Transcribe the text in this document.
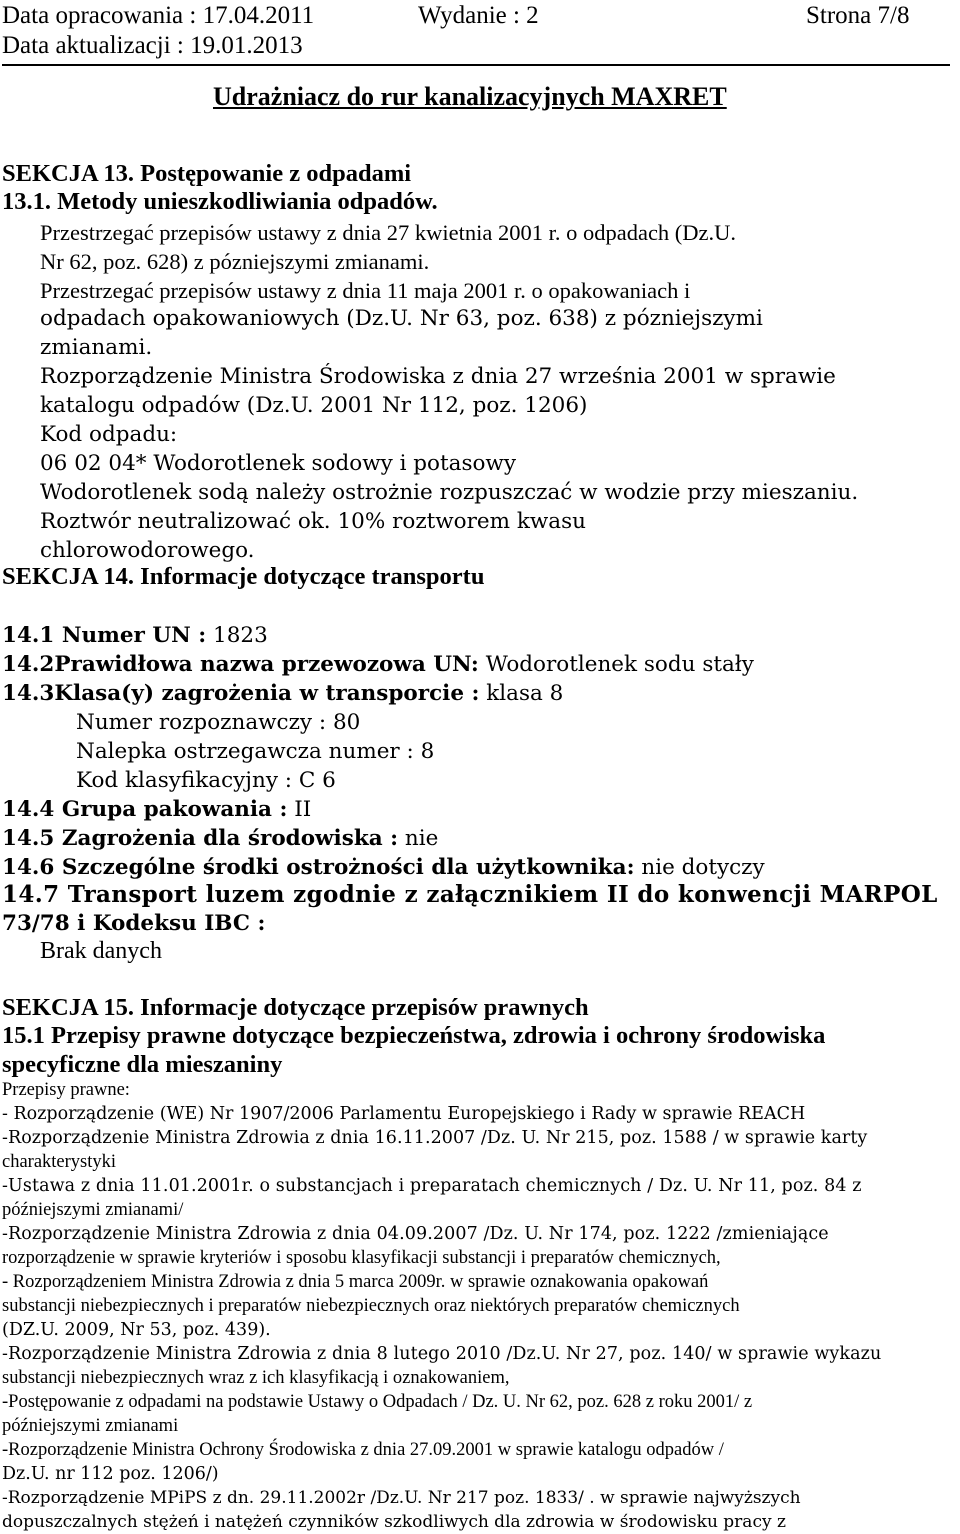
Data opracowania : 17.04.2011	Wydanie : 2	Strona 7/8
Data aktualizacji : 19.01.2013
Udrażniacz do rur kanalizacyjnych MAXRET
SEKCJA 13. Postępowanie z odpadami
13.1. Metody unieszkodliwiania odpadów.
Przestrzegać przepisów ustawy z dnia 27 kwietnia 2001 r. o odpadach (Dz.U.
Nr 62, poz. 628) z pózniejszymi zmianami.
Przestrzegać przepisów ustawy z dnia 11 maja 2001 r. o opakowaniach i
odpadach opakowaniowych (Dz.U. Nr 63, poz. 638) z pózniejszymi
zmianami.
Rozporządzenie Ministra Środowiska z dnia 27 września 2001 w sprawie
katalogu odpadów (Dz.U. 2001 Nr 112, poz. 1206)
Kod odpadu:
06 02 04* Wodorotlenek sodowy i potasowy
Wodorotlenek sodą należy ostrożnie rozpuszczać w wodzie przy mieszaniu.
Roztwór neutralizować ok. 10% roztworem kwasu
chlorowodorowego.
SEKCJA 14. Informacje dotyczące transportu
14.1 Numer UN : 1823
14.2Prawidłowa nazwa przewozowa UN: Wodorotlenek sodu stały
14.3Klasa(y) zagrożenia w transporcie : klasa 8
Numer rozpoznawczy : 80
Nalepka ostrzegawcza numer : 8
Kod klasyfikacyjny : C 6
14.4 Grupa pakowania : II
14.5 Zagrożenia dla środowiska : nie
14.6 Szczególne środki ostrożności dla użytkownika: nie dotyczy
14.7 Transport luzem zgodnie z załącznikiem II do konwencji MARPOL
73/78 i Kodeksu IBC :
Brak danych
SEKCJA 15. Informacje dotyczące przepisów prawnych
15.1 Przepisy prawne dotyczące bezpieczeństwa, zdrowia i ochrony środowiska
specyficzne dla mieszaniny
Przepisy prawne:
- Rozporządzenie (WE) Nr 1907/2006 Parlamentu Europejskiego i Rady w sprawie REACH
-Rozporządzenie Ministra Zdrowia z dnia 16.11.2007 /Dz. U. Nr 215, poz. 1588 / w sprawie karty
charakterystyki
-Ustawa z dnia 11.01.2001r. o substancjach i preparatach chemicznych / Dz. U. Nr 11, poz. 84 z
późniejszymi zmianami/
-Rozporządzenie Ministra Zdrowia z dnia 04.09.2007 /Dz. U. Nr 174, poz. 1222 /zmieniające
rozporządzenie w sprawie kryteriów i sposobu klasyfikacji substancji i preparatów chemicznych,
- Rozporządzeniem Ministra Zdrowia z dnia 5 marca 2009r. w sprawie oznakowania opakowań
substancji niebezpiecznych i preparatów niebezpiecznych oraz niektórych preparatów chemicznych
(DZ.U. 2009, Nr 53, poz. 439).
-Rozporządzenie Ministra Zdrowia z dnia 8 lutego 2010 /Dz.U. Nr 27, poz. 140/ w sprawie wykazu
substancji niebezpiecznych wraz z ich klasyfikacją i oznakowaniem,
-Postępowanie z odpadami na podstawie Ustawy o Odpadach / Dz. U. Nr 62, poz. 628 z roku 2001/ z
późniejszymi zmianami
-Rozporządzenie Ministra Ochrony Środowiska z dnia 27.09.2001 w sprawie katalogu odpadów /
Dz.U. nr 112 poz. 1206/)
-Rozporządzenie MPiPS z dn. 29.11.2002r /Dz.U. Nr 217 poz. 1833/ . w sprawie najwyższych
dopuszczalnych stężeń i natężeń czynników szkodliwych dla zdrowia w środowisku pracy z
